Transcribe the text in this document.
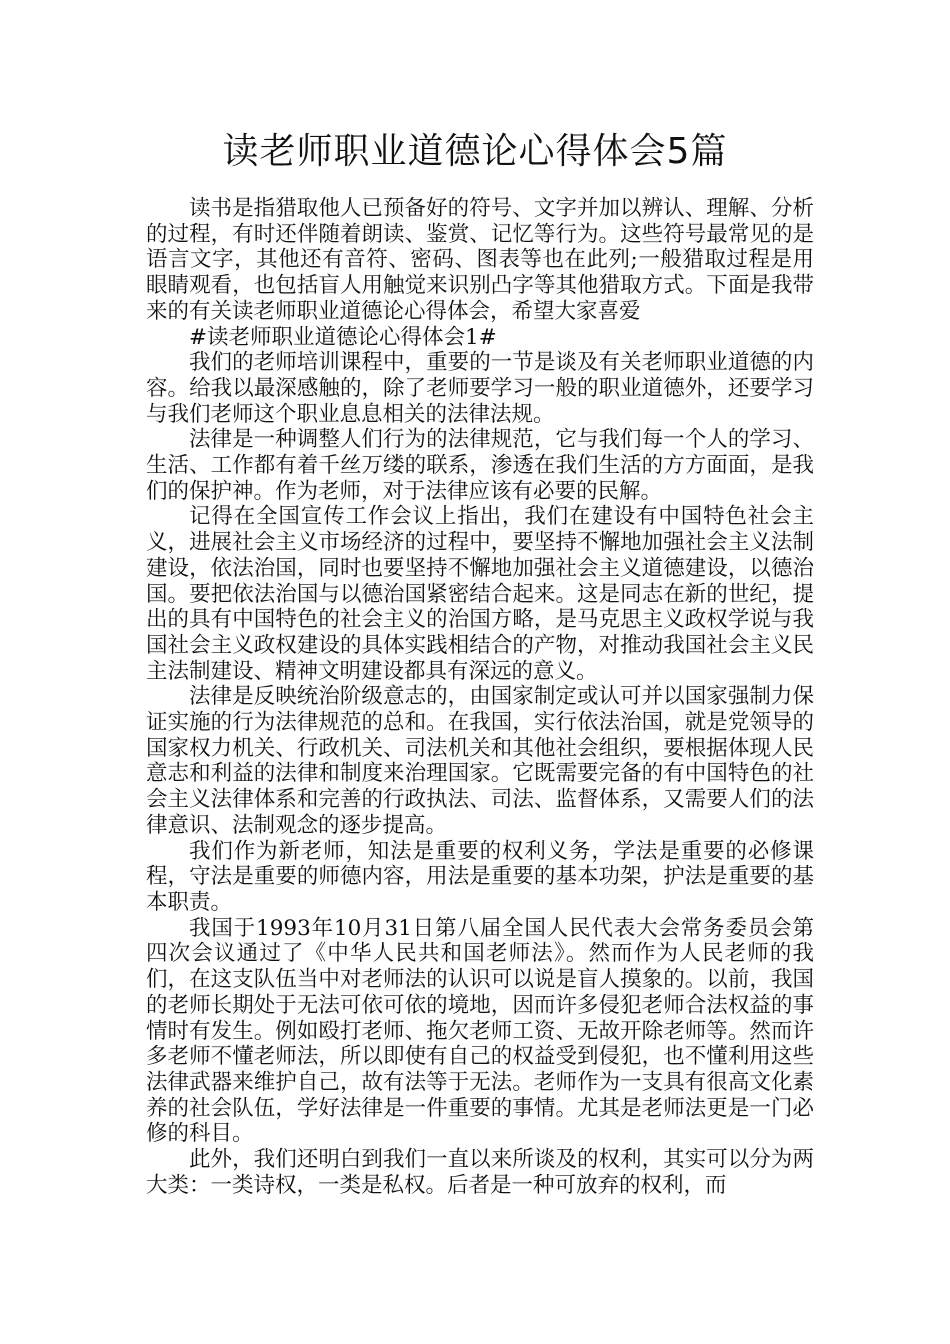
读老师职业道德论心得体会5篇

读书是指猎取他人已预备好的符号、文字并加以辨认、理解、分析的过程，有时还伴随着朗读、鉴赏、记忆等行为。这些符号最常见的是语言文字，其他还有音符、密码、图表等也在此列;一般猎取过程是用眼睛观看，也包括盲人用触觉来识别凸字等其他猎取方式。下面是我带来的有关读老师职业道德论心得体会，希望大家喜爱

#读老师职业道德论心得体会1#

我们的老师培训课程中，重要的一节是谈及有关老师职业道德的内容。给我以最深感触的，除了老师要学习一般的职业道德外，还要学习与我们老师这个职业息息相关的法律法规。

法律是一种调整人们行为的法律规范，它与我们每一个人的学习、生活、工作都有着千丝万缕的联系，渗透在我们生活的方方面面，是我们的保护神。作为老师，对于法律应该有必要的民解。

记得在全国宣传工作会议上指出，我们在建设有中国特色社会主义，进展社会主义市场经济的过程中，要坚持不懈地加强社会主义法制建设，依法治国，同时也要坚持不懈地加强社会主义道德建设，以德治国。要把依法治国与以德治国紧密结合起来。这是同志在新的世纪，提出的具有中国特色的社会主义的治国方略，是马克思主义政权学说与我国社会主义政权建设的具体实践相结合的产物，对推动我国社会主义民主法制建设、精神文明建设都具有深远的意义。

法律是反映统治阶级意志的，由国家制定或认可并以国家强制力保证实施的行为法律规范的总和。在我国，实行依法治国，就是党领导的国家权力机关、行政机关、司法机关和其他社会组织，要根据体现人民意志和利益的法律和制度来治理国家。它既需要完备的有中国特色的社会主义法律体系和完善的行政执法、司法、监督体系，又需要人们的法律意识、法制观念的逐步提高。

我们作为新老师，知法是重要的权利义务，学法是重要的必修课程，守法是重要的师德内容，用法是重要的基本功架，护法是重要的基本职责。

我国于1993年10月31日第八届全国人民代表大会常务委员会第四次会议通过了《中华人民共和国老师法》。然而作为人民老师的我们，在这支队伍当中对老师法的认识可以说是盲人摸象的。以前，我国的老师长期处于无法可依可依的境地，因而许多侵犯老师合法权益的事情时有发生。例如殴打老师、拖欠老师工资、无故开除老师等。然而许多老师不懂老师法，所以即使有自己的权益受到侵犯，也不懂利用这些法律武器来维护自己，故有法等于无法。老师作为一支具有很高文化素养的社会队伍，学好法律是一件重要的事情。尤其是老师法更是一门必修的科目。

此外，我们还明白到我们一直以来所谈及的权利，其实可以分为两大类：一类诗权，一类是私权。后者是一种可放弃的权利，而
